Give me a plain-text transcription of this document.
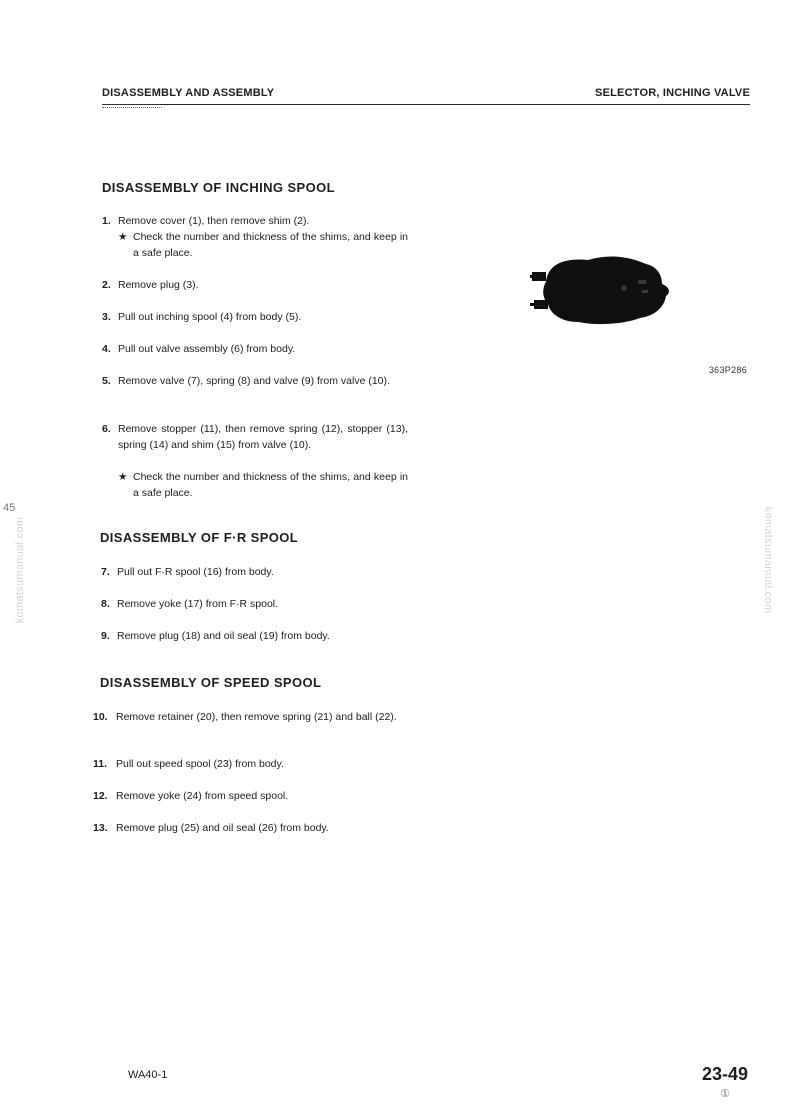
DISASSEMBLY AND ASSEMBLY	SELECTOR, INCHING VALVE
DISASSEMBLY OF INCHING SPOOL
1. Remove cover (1), then remove shim (2).
★ Check the number and thickness of the shims, and keep in a safe place.
2. Remove plug (3).
3. Pull out inching spool (4) from body (5).
4. Pull out valve assembly (6) from body.
5. Remove valve (7), spring (8) and valve (9) from valve (10).
6. Remove stopper (11), then remove spring (12), stopper (13), spring (14) and shim (15) from valve (10).
★ Check the number and thickness of the shims, and keep in a safe place.
DISASSEMBLY OF F·R SPOOL
7. Pull out F·R spool (16) from body.
8. Remove yoke (17) from F·R spool.
9. Remove plug (18) and oil seal (19) from body.
DISASSEMBLY OF SPEED SPOOL
10. Remove retainer (20), then remove spring (21) and ball (22).
11. Pull out speed spool (23) from body.
12. Remove yoke (24) from speed spool.
13. Remove plug (25) and oil seal (26) from body.
363P286
45
komatsumanual.com	komatsumanual.com
WA40-1	23-49
①
